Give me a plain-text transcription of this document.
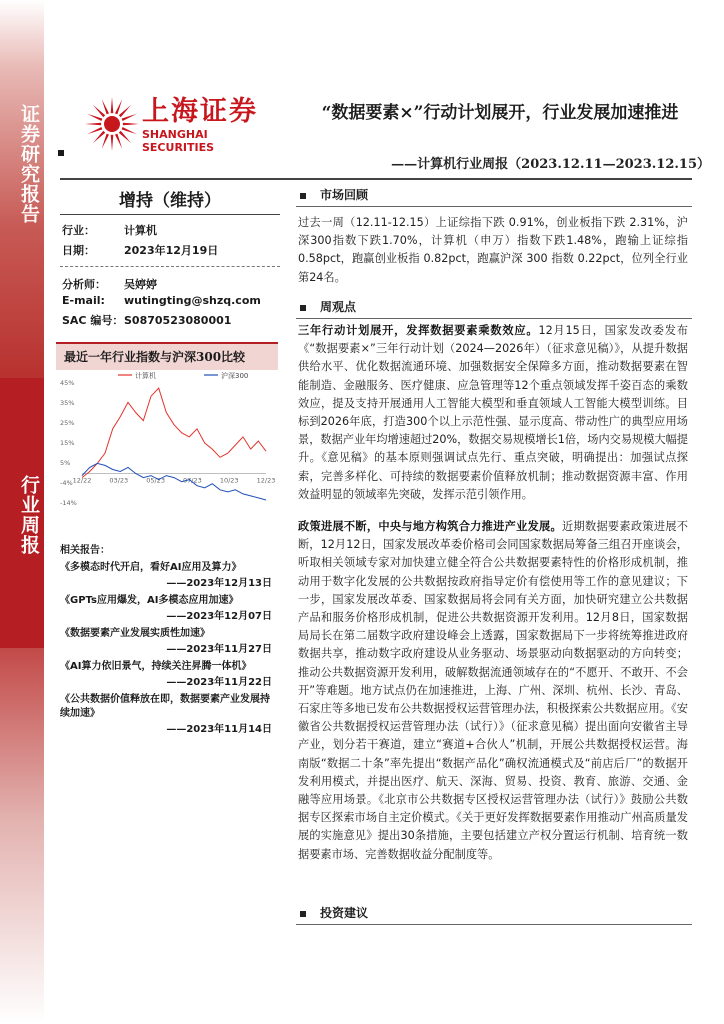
证券研究报告
行业周报
上海证券
SHANGHAI SECURITIES
“数据要素×”行动计划展开，行业发展加速推进
——计算机行业周报（2023.12.11—2023.12.15）
增持（维持）
行业：	计算机
日期：	2023年12月19日
分析师： 吴婷婷
E-mail: wutingting@shzq.com
SAC 编号：S0870523080001
最近一年行业指数与沪深300比较
45%
35%
25%
15%
5%
-4%
-14%
12/22	03/23	05/23	07/23	10/23	12/23
计算机	沪深300
相关报告：
《多模态时代开启，看好AI应用及算力》
——2023年12月13日
《GPTs应用爆发，AI多模态应用加速》
——2023年12月07日
《数据要素产业发展实质性加速》
——2023年11月27日
《AI算力依旧景气，持续关注昇腾一体机》
——2023年11月22日
《公共数据价值释放在即，数据要素产业发展持续加速》
——2023年11月14日
市场回顾
过去一周（12.11-12.15）上证综指下跌 0.91%，创业板指下跌 2.31%，沪深300指数下跌1.70%，计算机（申万）指数下跌1.48%，跑输上证综指 0.58pct，跑赢创业板指 0.82pct，跑赢沪深 300 指数 0.22pct，位列全行业第24名。
周观点
三年行动计划展开，发挥数据要素乘数效应。12月15日，国家发改委发布《“数据要素×”三年行动计划（2024—2026年）（征求意见稿）》，从提升数据供给水平、优化数据流通环境、加强数据安全保障多方面，推动数据要素在智能制造、金融服务、医疗健康、应急管理等12个重点领域发挥千姿百态的乘数效应，提及支持开展通用人工智能大模型和垂直领域人工智能大模型训练。目标到2026年底，打造300个以上示范性强、显示度高、带动性广的典型应用场景，数据产业年均增速超过20%，数据交易规模增长1倍，场内交易规模大幅提升。《意见稿》的基本原则强调试点先行、重点突破，明确提出：加强试点探索，完善多样化、可持续的数据要素价值释放机制；推动数据资源丰富、作用效益明显的领域率先突破，发挥示范引领作用。
政策进展不断，中央与地方构筑合力推进产业发展。近期数据要素政策进展不断，12月12日，国家发展改革委价格司会同国家数据局筹备三组召开座谈会，听取相关领域专家对加快建立健全符合公共数据要素特性的价格形成机制，推动用于数字化发展的公共数据按政府指导定价有偿使用等工作的意见建议；下一步，国家发展改革委、国家数据局将会同有关方面，加快研究建立公共数据产品和服务价格形成机制，促进公共数据资源开发利用。12月8日，国家数据局局长在第二届数字政府建设峰会上透露，国家数据局下一步将统筹推进政府数据共享，推动数字政府建设从业务驱动、场景驱动向数据驱动的方向转变；推动公共数据资源开发利用，破解数据流通领域存在的“不愿开、不敢开、不会开”等难题。地方试点仍在加速推进，上海、广州、深圳、杭州、长沙、青岛、石家庄等多地已发布公共数据授权运营管理办法，积极探索公共数据应用。《安徽省公共数据授权运营管理办法（试行）》（征求意见稿）提出面向安徽省主导产业，划分若干赛道，建立“赛道+合伙人”机制，开展公共数据授权运营。海南版“数据二十条”率先提出“数据产品化”确权流通模式及“前店后厂”的数据开发利用模式，并提出医疗、航天、深海、贸易、投资、教育、旅游、交通、金融等应用场景。《北京市公共数据专区授权运营管理办法（试行）》鼓励公共数据专区探索市场自主定价模式。《关于更好发挥数据要素作用推动广州高质量发展的实施意见》提出30条措施，主要包括建立产权分置运行机制、培育统一数据要素市场、完善数据收益分配制度等。
投资建议
